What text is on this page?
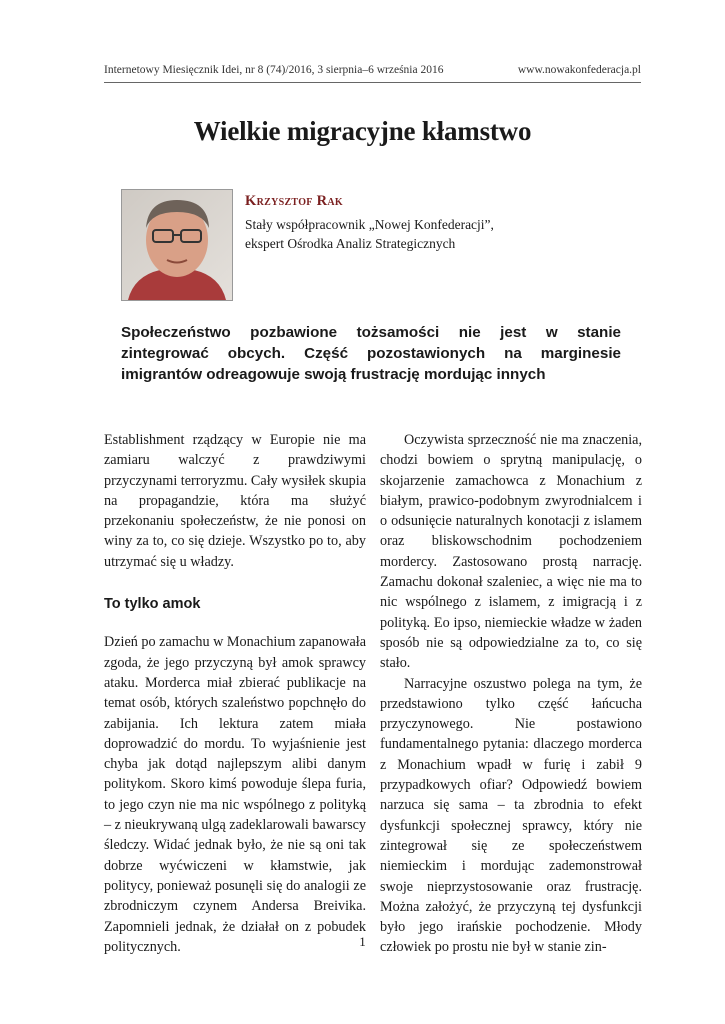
Internetowy Miesięcznik Idei, nr 8 (74)/2016, 3 sierpnia–6 września 2016	www.nowakonfederacja.pl
Wielkie migracyjne kłamstwo
Krzysztof Rak
Stały współpracownik „Nowej Konfederacji”,
ekspert Ośrodka Analiz Strategicznych
Społeczeństwo pozbawione tożsamości nie jest w stanie zintegrować obcych. Część pozostawionych na marginesie imigrantów odreagowuje swoją frustrację mordując innych

Establishment rządzący w Europie nie ma zamiaru walczyć z prawdziwymi przyczynami terroryzmu. Cały wysiłek skupia na propagandzie, która ma służyć przekonaniu społeczeństw, że nie ponosi on winy za to, co się dzieje. Wszystko po to, aby utrzymać się u władzy.

To tylko amok

Dzień po zamachu w Monachium zapanowała zgoda, że jego przyczyną był amok sprawcy ataku. Morderca miał zbierać publikacje na temat osób, których szaleństwo popchnęło do zabijania. Ich lektura zatem miała doprowadzić do mordu. To wyjaśnienie jest chyba jak dotąd najlepszym alibi danym politykom. Skoro kimś powoduje ślepa furia, to jego czyn nie ma nic wspólnego z polityką – z nieukrywaną ulgą zadeklarowali bawarscy śledczy. Widać jednak było, że nie są oni tak dobrze wyćwiczeni w kłamstwie, jak politycy, ponieważ posunęli się do analogii ze zbrodniczym czynem Andersa Breivika. Zapomnieli jednak, że działał on z pobudek politycznych.

Oczywista sprzeczność nie ma znaczenia, chodzi bowiem o sprytną manipulację, o skojarzenie zamachowca z Monachium z białym, prawico-podobnym zwyrodnialcem i o odsunięcie naturalnych konotacji z islamem oraz bliskowschodnim pochodzeniem mordercy. Zastosowano prostą narrację. Zamachu dokonał szaleniec, a więc nie ma to nic wspólnego z islamem, z imigracją i z polityką. Eo ipso, niemieckie władze w żaden sposób nie są odpowiedzialne za to, co się stało.

Narracyjne oszustwo polega na tym, że przedstawiono tylko część łańcucha przyczynowego. Nie postawiono fundamentalnego pytania: dlaczego morderca z Monachium wpadł w furię i zabił 9 przypadkowych ofiar? Odpowiedź bowiem narzuca się sama – ta zbrodnia to efekt dysfunkcji społecznej sprawcy, który nie zintegrował się ze społeczeństwem niemieckim i mordując zademonstrował swoje nieprzystosowanie oraz frustrację. Można założyć, że przyczyną tej dysfunkcji było jego irańskie pochodzenie. Młody człowiek po prostu nie był w stanie zin-

1
